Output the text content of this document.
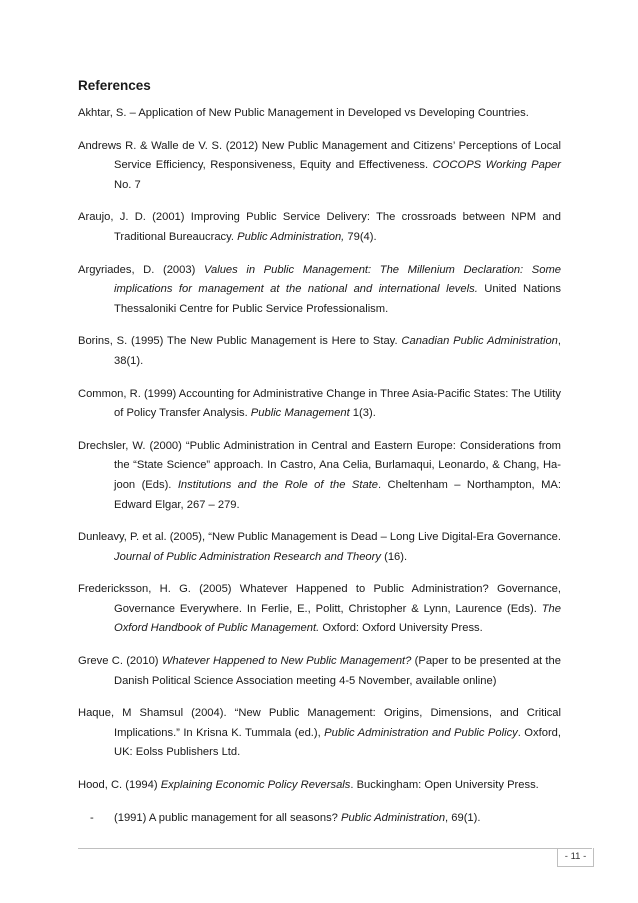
References

Akhtar, S. – Application of New Public Management in Developed vs Developing Countries.

Andrews R. & Walle de V. S. (2012) New Public Management and Citizens’ Perceptions of Local Service Efficiency, Responsiveness, Equity and Effectiveness. COCOPS Working Paper No. 7

Araujo, J. D. (2001) Improving Public Service Delivery: The crossroads between NPM and Traditional Bureaucracy. Public Administration, 79(4).

Argyriades, D. (2003) Values in Public Management: The Millenium Declaration: Some implications for management at the national and international levels. United Nations Thessaloniki Centre for Public Service Professionalism.

Borins, S. (1995) The New Public Management is Here to Stay. Canadian Public Administration, 38(1).

Common, R. (1999) Accounting for Administrative Change in Three Asia-Pacific States: The Utility of Policy Transfer Analysis. Public Management 1(3).

Drechsler, W. (2000) “Public Administration in Central and Eastern Europe: Considerations from the “State Science” approach. In Castro, Ana Celia, Burlamaqui, Leonardo, & Chang, Ha-joon (Eds). Institutions and the Role of the State. Cheltenham – Northampton, MA: Edward Elgar, 267 – 279.

Dunleavy, P. et al. (2005), “New Public Management is Dead – Long Live Digital-Era Governance. Journal of Public Administration Research and Theory (16).

Fredericksson, H. G. (2005) Whatever Happened to Public Administration? Governance, Governance Everywhere. In Ferlie, E., Politt, Christopher & Lynn, Laurence (Eds). The Oxford Handbook of Public Management. Oxford: Oxford University Press.

Greve C. (2010) Whatever Happened to New Public Management? (Paper to be presented at the Danish Political Science Association meeting 4-5 November, available online)

Haque, M Shamsul (2004). “New Public Management: Origins, Dimensions, and Critical Implications.” In Krisna K. Tummala (ed.), Public Administration and Public Policy. Oxford, UK: Eolss Publishers Ltd.

Hood, C. (1994) Explaining Economic Policy Reversals. Buckingham: Open University Press.

- (1991) A public management for all seasons? Public Administration, 69(1).

- 11 -
